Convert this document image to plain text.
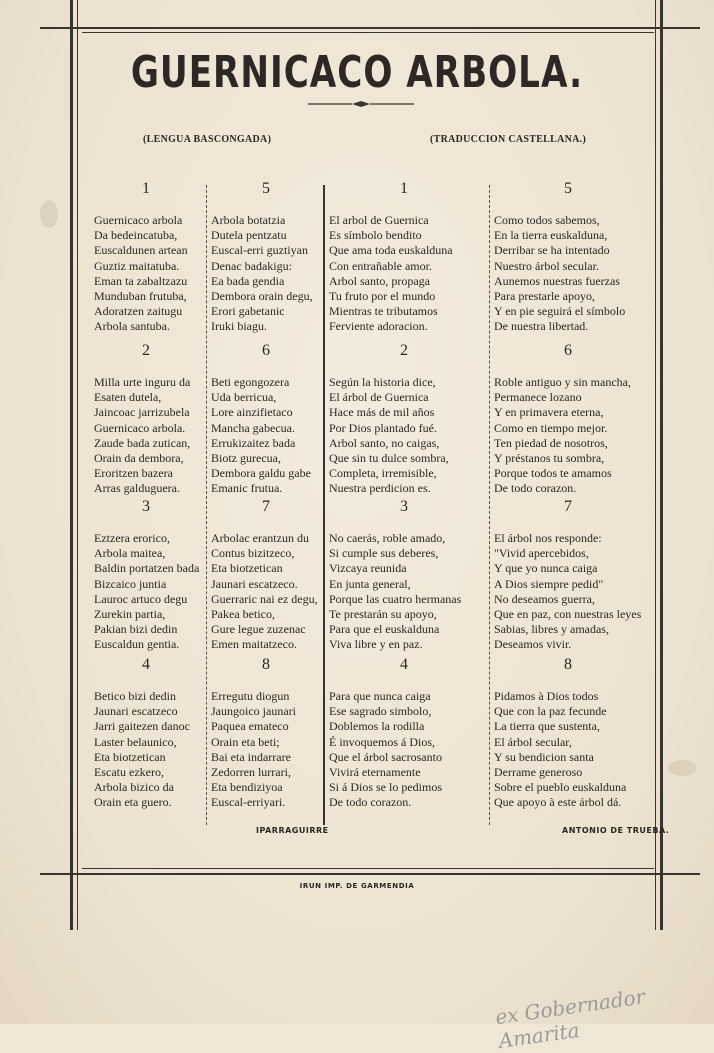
GUERNICACO ARBOLA.
(LENGUA BASCONGADA)	(TRADUCCION CASTELLANA.)
1
Guernicaco arbola
Da bedeincatuba,
Euscaldunen artean
Guztiz maitatuba.
Eman ta zabaltzazu
Munduban frutuba,
Adoratzen zaitugu
Arbola santuba.
2
Milla urte inguru da
Esaten dutela,
Jaincoac jarrizubela
Guernicaco arbola.
Zaude bada zutican,
Orain da dembora,
Eroritzen bazera
Arras galduguera.
3
Eztzera erorico,
Arbola maitea,
Baldin portatzen bada
Bizcaico juntia
Lauroc artuco degu
Zurekin partia,
Pakian bizi dedin
Euscaldun gentia.
4
Betico bizi dedin
Jaunari escatzeco
Jarri gaitezen danoc
Laster belaunico,
Eta biotzetican
Escatu ezkero,
Arbola bizico da
Orain eta guero.
5
Arbola botatzia
Dutela pentzatu
Euscal-erri guztiyan
Denac badakigu:
Ea bada gendia
Dembora orain degu,
Erori gabetanic
Iruki biagu.
6
Beti egongozera
Uda berricua,
Lore ainzifietaco
Mancha gabecua.
Errukizaitez bada
Biotz gurecua,
Dembora galdu gabe
Emanic frutua.
7
Arbolac erantzun du
Contus bizitzeco,
Eta biotzetican
Jaunari escatzeco.
Guerraric nai ez degu,
Pakea betico,
Gure legue zuzenac
Emen maitatzeco.
8
Erregutu diogun
Jaungoico jaunari
Paquea emateco
Orain eta beti;
Bai eta indarrare
Zedorren lurrari,
Eta bendiziyoa
Euscal-erriyari.
1
El arbol de Guernica
Es símbolo bendito
Que ama toda euskalduna
Con entrañable amor.
Arbol santo, propaga
Tu fruto por el mundo
Mientras te tributamos
Ferviente adoracion.
2
Según la historia dice,
El árbol de Guernica
Hace más de mil años
Por Dios plantado fué.
Arbol santo, no caigas,
Que sin tu dulce sombra,
Completa, irremisible,
Nuestra perdicion es.
3
No caerás, roble amado,
Si cumple sus deberes,
Vizcaya reunida
En junta general,
Porque las cuatro hermanas
Te prestarán su apoyo,
Para que el euskalduna
Viva libre y en paz.
4
Para que nunca caiga
Ese sagrado simbolo,
Doblemos la rodilla
É invoquemos á Dios,
Que el árbol sacrosanto
Vivirá eternamente
Si á Dios se lo pedimos
De todo corazon.
5
Como todos sabemos,
En la tierra euskalduna,
Derribar se ha intentado
Nuestro árbol secular.
Aunemos nuestras fuerzas
Para prestarle apoyo,
Y en pie seguirá el símbolo
De nuestra libertad.
6
Roble antiguo y sin mancha,
Permanece lozano
Y en primavera eterna,
Como en tiempo mejor.
Ten piedad de nosotros,
Y préstanos tu sombra,
Porque todos te amamos
De todo corazon.
7
El árbol nos responde:
"Vivid apercebidos,
Y que yo nunca caiga
A Dios siempre pedid"
No deseamos guerra,
Que en paz, con nuestras leyes
Sabias, libres y amadas,
Deseamos vivir.
8
Pidamos à Dios todos
Que con la paz fecunde
La tierra que sustenta,
El árbol secular,
Y su bendicion santa
Derrame generoso
Sobre el pueblo euskalduna
Que apoyo à este árbol dá.
IPARRAGUIRRE	ANTONIO DE TRUEBA.
IRUN IMP. DE GARMENDIA
ex Gobernador Amarita
